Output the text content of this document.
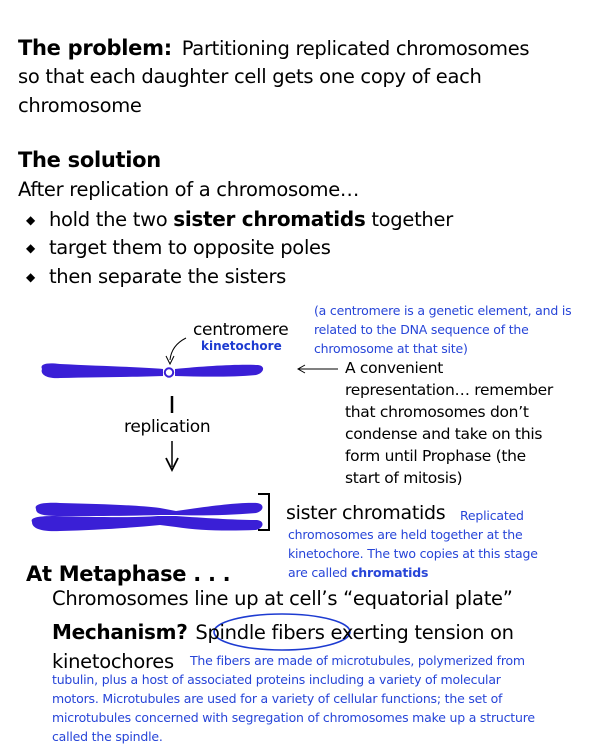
The problem: Partitioning replicated chromosomes
so that each daughter cell gets one copy of each
chromosome
The solution
After replication of a chromosome…
◆ hold the two sister chromatids together
◆ target them to opposite poles
◆ then separate the sisters
centromere
kinetochore
(a centromere is a genetic element, and is
related to the DNA sequence of the
chromosome at that site)
A convenient
representation… remember
that chromosomes don’t
condense and take on this
form until Prophase (the
start of mitosis)
replication
sister chromatids Replicated
chromosomes are held together at the
kinetochore. The two copies at this stage
are called chromatids
At Metaphase . . .
Chromosomes line up at cell’s “equatorial plate”
Mechanism? Spindle fibers exerting tension on
kinetochores The fibers are made of microtubules, polymerized from
tubulin, plus a host of associated proteins including a variety of molecular
motors. Microtubules are used for a variety of cellular functions; the set of
microtubules concerned with segregation of chromosomes make up a structure
called the spindle.
